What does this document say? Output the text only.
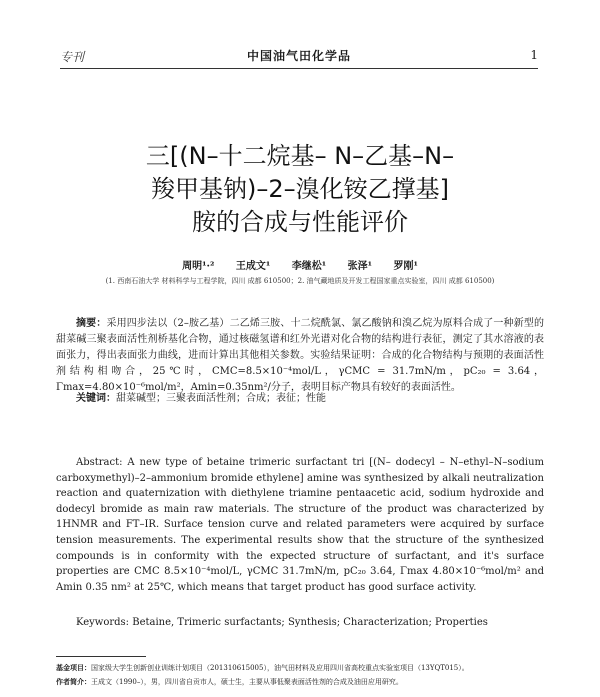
专刊	中国油气田化学品	1
三[(N–十二烷基– N–乙基–N–
羧甲基钠)–2–溴化铵乙撑基]
胺的合成与性能评价
周明¹·² 王成文¹ 李继松¹ 张泽¹ 罗刚¹
(1. 西南石油大学 材料科学与工程学院，四川 成都 610500；2. 油气藏地质及开发工程国家重点实验室，四川 成都 610500)
摘要：采用四步法以（2–胺乙基）二乙烯三胺、十二烷酰氯、氯乙酸钠和溴乙烷为原料合成了一种新型的甜菜碱三聚表面活性剂桥基化合物，通过核磁氢谱和红外光谱对化合物的结构进行表征，测定了其水溶液的表面张力，得出表面张力曲线，进而计算出其他相关参数。实验结果证明：合成的化合物结构与预期的表面活性剂结构相吻合，25℃时，CMC=8.5×10⁻⁴mol/L，γCMC = 31.7mN/m，pC₂₀ = 3.64，Γmax=4.80×10⁻⁶mol/m²，Amin=0.35nm²/分子，表明目标产物具有较好的表面活性。
关键词：甜菜碱型；三聚表面活性剂；合成；表征；性能
Abstract: A new type of betaine trimeric surfactant tri [(N– dodecyl – N–ethyl–N–sodium carboxymethyl)–2–ammonium bromide ethylene] amine was synthesized by alkali neutralization reaction and quaternization with diethylene triamine pentaacetic acid, sodium hydroxide and dodecyl bromide as main raw materials. The structure of the product was characterized by 1HNMR and FT–IR. Surface tension curve and related parameters were acquired by surface tension measurements. The experimental results show that the structure of the synthesized compounds is in conformity with the expected structure of surfactant, and it's surface properties are CMC 8.5×10⁻⁴mol/L, γCMC 31.7mN/m, pC₂₀ 3.64, Γmax 4.80×10⁻⁶mol/m² and Amin 0.35 nm² at 25℃, which means that target product has good surface activity.
Keywords: Betaine, Trimeric surfactants; Synthesis; Characterization; Properties
基金项目：国家级大学生创新创业训练计划项目（201310615005），油气田材料及应用四川省高校重点实验室项目（13YQT015）。
作者简介：王成文（1990–），男，四川省自贡市人，硕士生，主要从事低聚表面活性剂的合成及油田应用研究。
